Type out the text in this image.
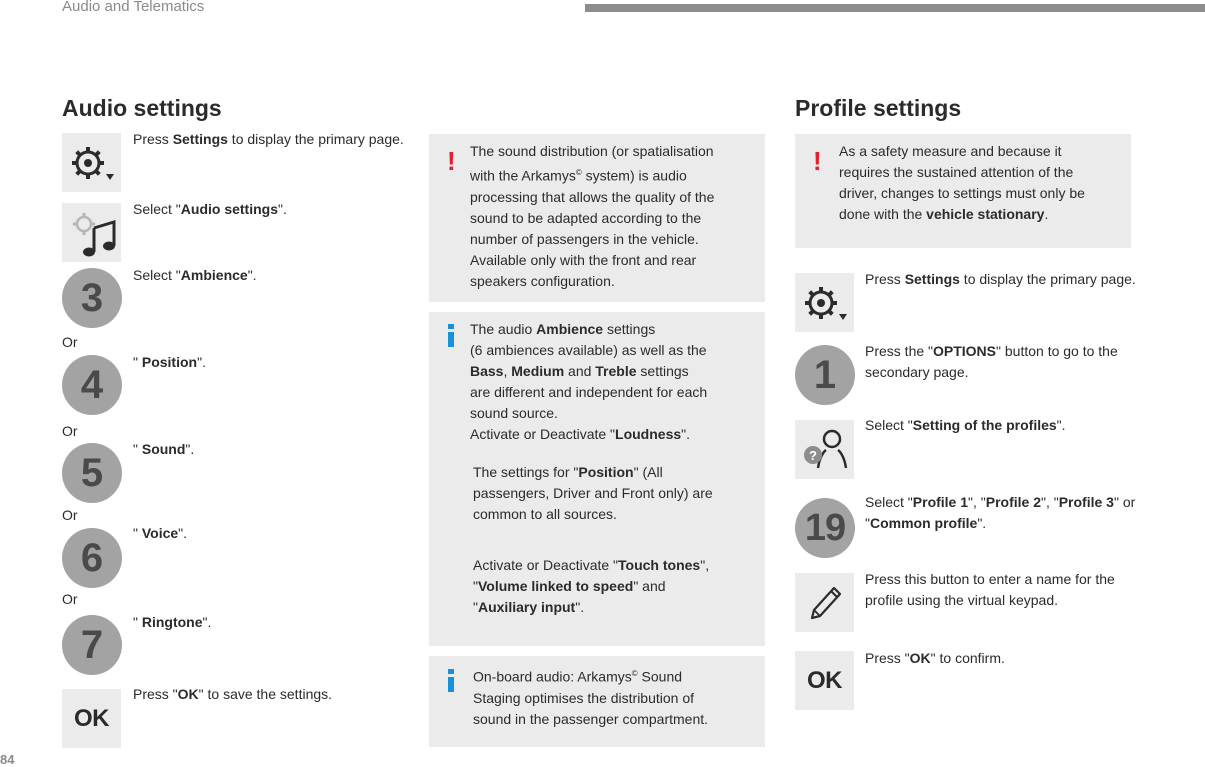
Audio and Telematics
84
Audio settings
Press Settings to display the primary page.
Select "Audio settings".
3
Select "Ambience".
Or
4
" Position".
Or
5
" Sound".
Or
6
" Voice".
Or
7
" Ringtone".
OK
Press "OK" to save the settings.
! The sound distribution (or spatialisation
with the Arkamys© system) is audio
processing that allows the quality of the
sound to be adapted according to the
number of passengers in the vehicle.
Available only with the front and rear
speakers configuration.
The audio Ambience settings
(6 ambiences available) as well as the
Bass, Medium and Treble settings
are different and independent for each
sound source.
Activate or Deactivate "Loudness".
The settings for "Position" (All
passengers, Driver and Front only) are
common to all sources.
Activate or Deactivate "Touch tones",
"Volume linked to speed" and
"Auxiliary input".
On-board audio: Arkamys© Sound
Staging optimises the distribution of
sound in the passenger compartment.
Profile settings
! As a safety measure and because it
requires the sustained attention of the
driver, changes to settings must only be
done with the vehicle stationary.
Press Settings to display the primary page.
1
Press the "OPTIONS" button to go to the secondary page.
?
Select "Setting of the profiles".
19
Select "Profile 1", "Profile 2", "Profile 3" or "Common profile".
Press this button to enter a name for the profile using the virtual keypad.
OK
Press "OK" to confirm.
